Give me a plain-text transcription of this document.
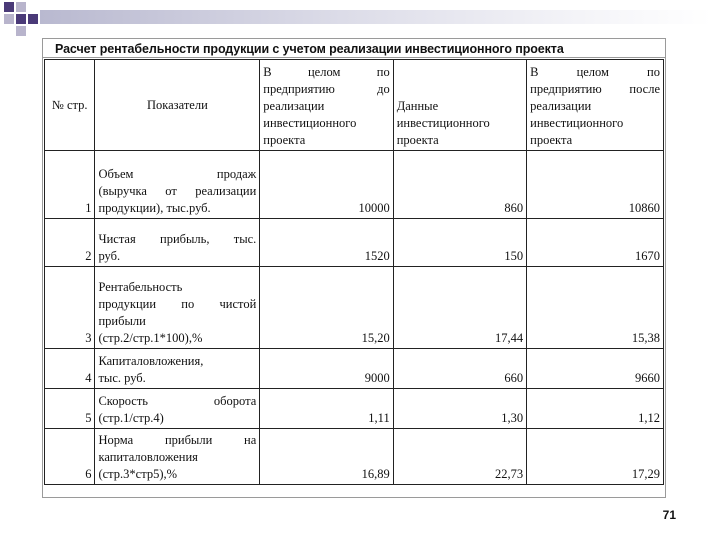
Расчет рентабельности продукции с учетом реализации инвестиционного проекта
№ стр.	Показатели	В целом по
предприятию до
реализации
инвестиционного
проекта	Данные
инвестиционного
проекта	В целом по
предприятию после
реализации
инвестиционного
проекта

1	Объем продаж
(выручка от реализации
продукции), тыс.руб.	10000	860	10860
2	Чистая прибыль, тыс.
руб.	1520	150	1670
3	Рентабельность
продукции по чистой
прибыли
(стр.2/стр.1*100),%	15,20	17,44	15,38
4	Капиталовложения,
тыс. руб.	9000	660	9660
5	Скорость оборота
(стр.1/стр.4)	1,11	1,30	1,12
6	Норма прибыли на
капиталовложения
(стр.3*стр5),%	16,89	22,73	17,29
71
